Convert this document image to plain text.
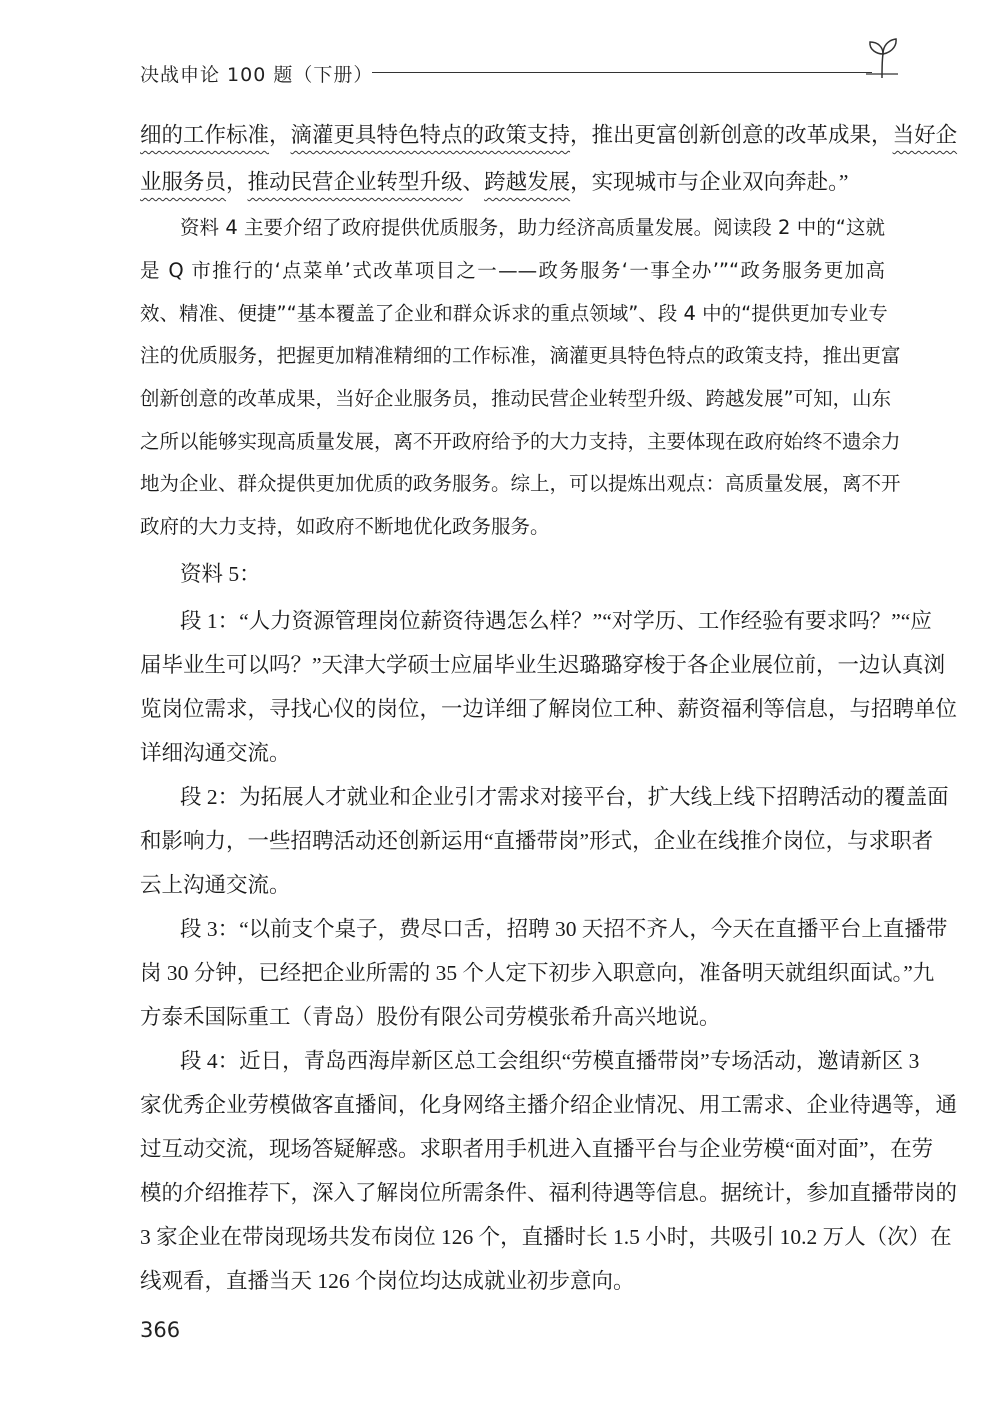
决战申论 100 题（下册）

细的工作标准，滴灌更具特色特点的政策支持，推出更富创新创意的改革成果，当好企

业服务员，推动民营企业转型升级、跨越发展，实现城市与企业双向奔赴。”

资料 4 主要介绍了政府提供优质服务，助力经济高质量发展。阅读段 2 中的“这就

是 Q 市推行的‘点菜单’式改革项目之一——政务服务‘一事全办’”“政务服务更加高

效、精准、便捷”“基本覆盖了企业和群众诉求的重点领域”、段 4 中的“提供更加专业专

注的优质服务，把握更加精准精细的工作标准，滴灌更具特色特点的政策支持，推出更富

创新创意的改革成果，当好企业服务员，推动民营企业转型升级、跨越发展”可知，山东

之所以能够实现高质量发展，离不开政府给予的大力支持，主要体现在政府始终不遗余力

地为企业、群众提供更加优质的政务服务。综上，可以提炼出观点：高质量发展，离不开

政府的大力支持，如政府不断地优化政务服务。

资料 5：

段 1：“人力资源管理岗位薪资待遇怎么样？”“对学历、工作经验有要求吗？”“应

届毕业生可以吗？”天津大学硕士应届毕业生迟璐璐穿梭于各企业展位前，一边认真浏

览岗位需求，寻找心仪的岗位，一边详细了解岗位工种、薪资福利等信息，与招聘单位

详细沟通交流。

段 2：为拓展人才就业和企业引才需求对接平台，扩大线上线下招聘活动的覆盖面

和影响力，一些招聘活动还创新运用“直播带岗”形式，企业在线推介岗位，与求职者

云上沟通交流。

段 3：“以前支个桌子，费尽口舌，招聘 30 天招不齐人，今天在直播平台上直播带

岗 30 分钟，已经把企业所需的 35 个人定下初步入职意向，准备明天就组织面试。”九

方泰禾国际重工（青岛）股份有限公司劳模张希升高兴地说。

段 4：近日，青岛西海岸新区总工会组织“劳模直播带岗”专场活动，邀请新区 3

家优秀企业劳模做客直播间，化身网络主播介绍企业情况、用工需求、企业待遇等，通

过互动交流，现场答疑解惑。求职者用手机进入直播平台与企业劳模“面对面”，在劳

模的介绍推荐下，深入了解岗位所需条件、福利待遇等信息。据统计，参加直播带岗的

3 家企业在带岗现场共发布岗位 126 个，直播时长 1.5 小时，共吸引 10.2 万人（次）在

线观看，直播当天 126 个岗位均达成就业初步意向。

366
